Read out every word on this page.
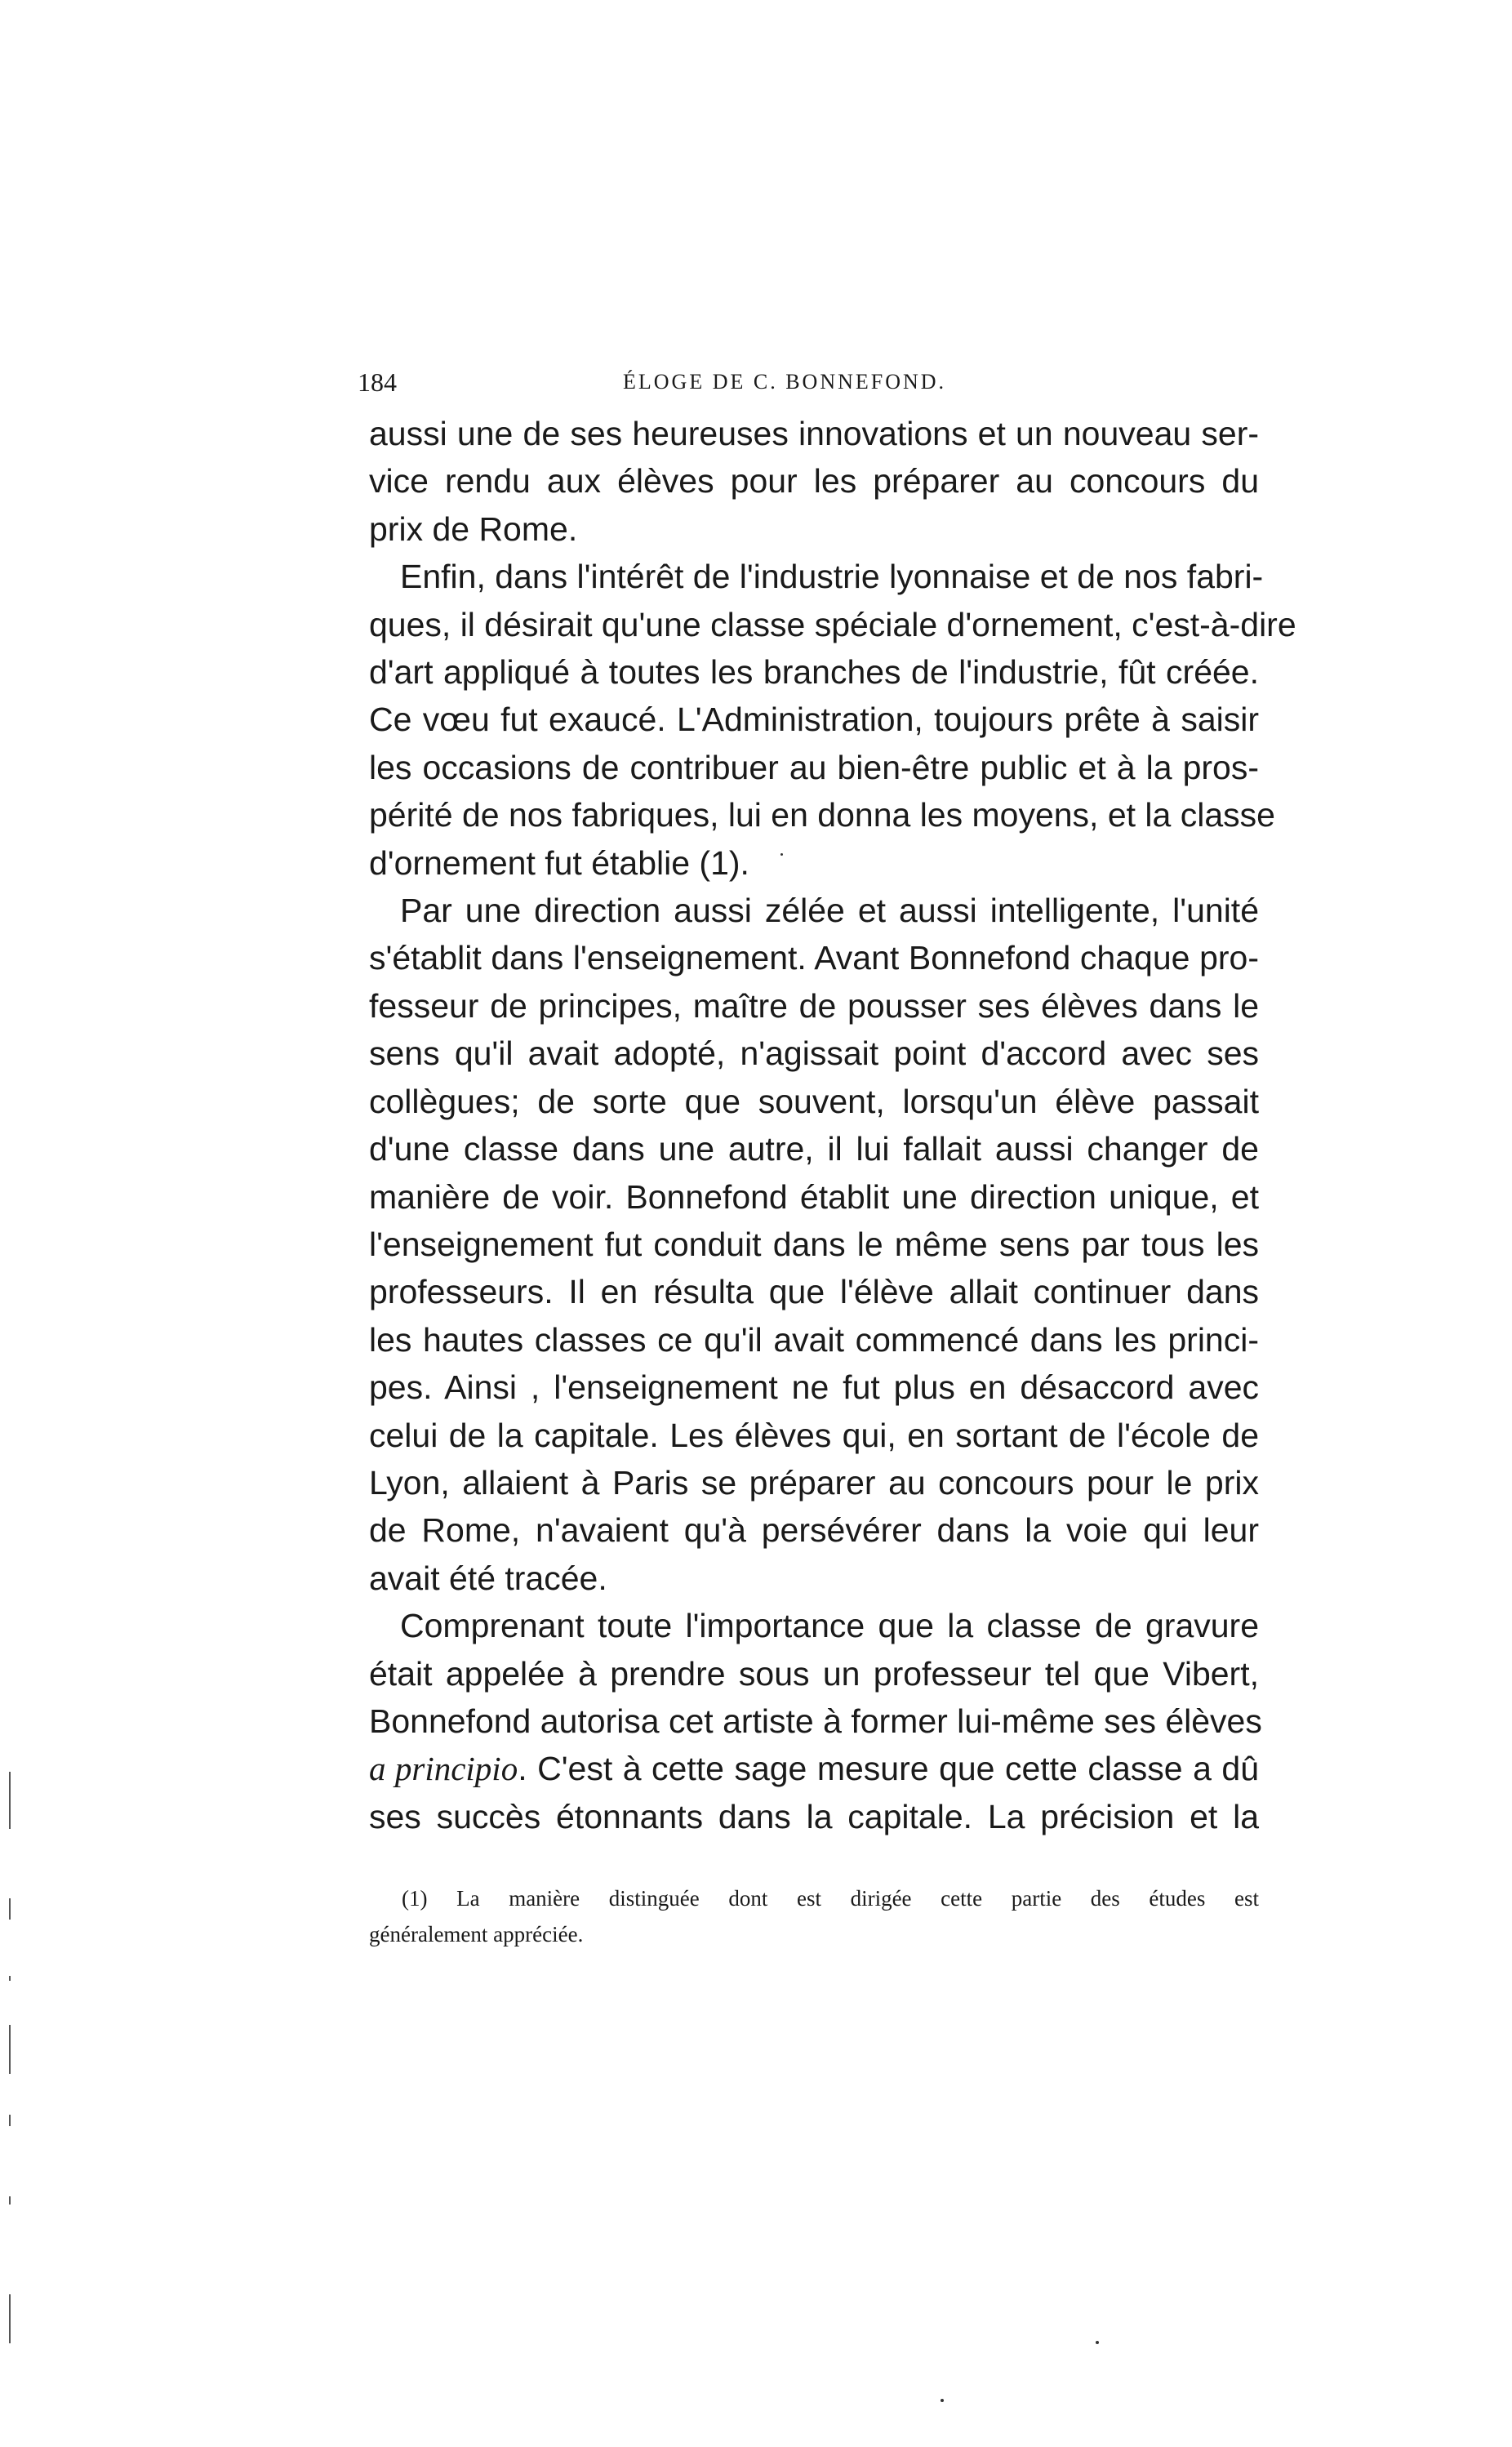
184	ÉLOGE DE C. BONNEFOND.
aussi une de ses heureuses innovations et un nouveau ser-
vice rendu aux élèves pour les préparer au concours du
prix de Rome.
Enfin, dans l'intérêt de l'industrie lyonnaise et de nos fabri-
ques, il désirait qu'une classe spéciale d'ornement, c'est-à-dire
d'art appliqué à toutes les branches de l'industrie, fût créée.
Ce vœu fut exaucé. L'Administration, toujours prête à saisir
les occasions de contribuer au bien-être public et à la pros-
périté de nos fabriques, lui en donna les moyens, et la classe
d'ornement fut établie (1).
Par une direction aussi zélée et aussi intelligente, l'unité
s'établit dans l'enseignement. Avant Bonnefond chaque pro-
fesseur de principes, maître de pousser ses élèves dans le
sens qu'il avait adopté, n'agissait point d'accord avec ses
collègues; de sorte que souvent, lorsqu'un élève passait
d'une classe dans une autre, il lui fallait aussi changer de
manière de voir. Bonnefond établit une direction unique, et
l'enseignement fut conduit dans le même sens par tous les
professeurs. Il en résulta que l'élève allait continuer dans
les hautes classes ce qu'il avait commencé dans les princi-
pes. Ainsi , l'enseignement ne fut plus en désaccord avec
celui de la capitale. Les élèves qui, en sortant de l'école de
Lyon, allaient à Paris se préparer au concours pour le prix
de Rome, n'avaient qu'à persévérer dans la voie qui leur
avait été tracée.
Comprenant toute l'importance que la classe de gravure
était appelée à prendre sous un professeur tel que Vibert,
Bonnefond autorisa cet artiste à former lui-même ses élèves
a principio. C'est à cette sage mesure que cette classe a dû
ses succès étonnants dans la capitale. La précision et la
(1) La manière distinguée dont est dirigée cette partie des études est
généralement appréciée.
